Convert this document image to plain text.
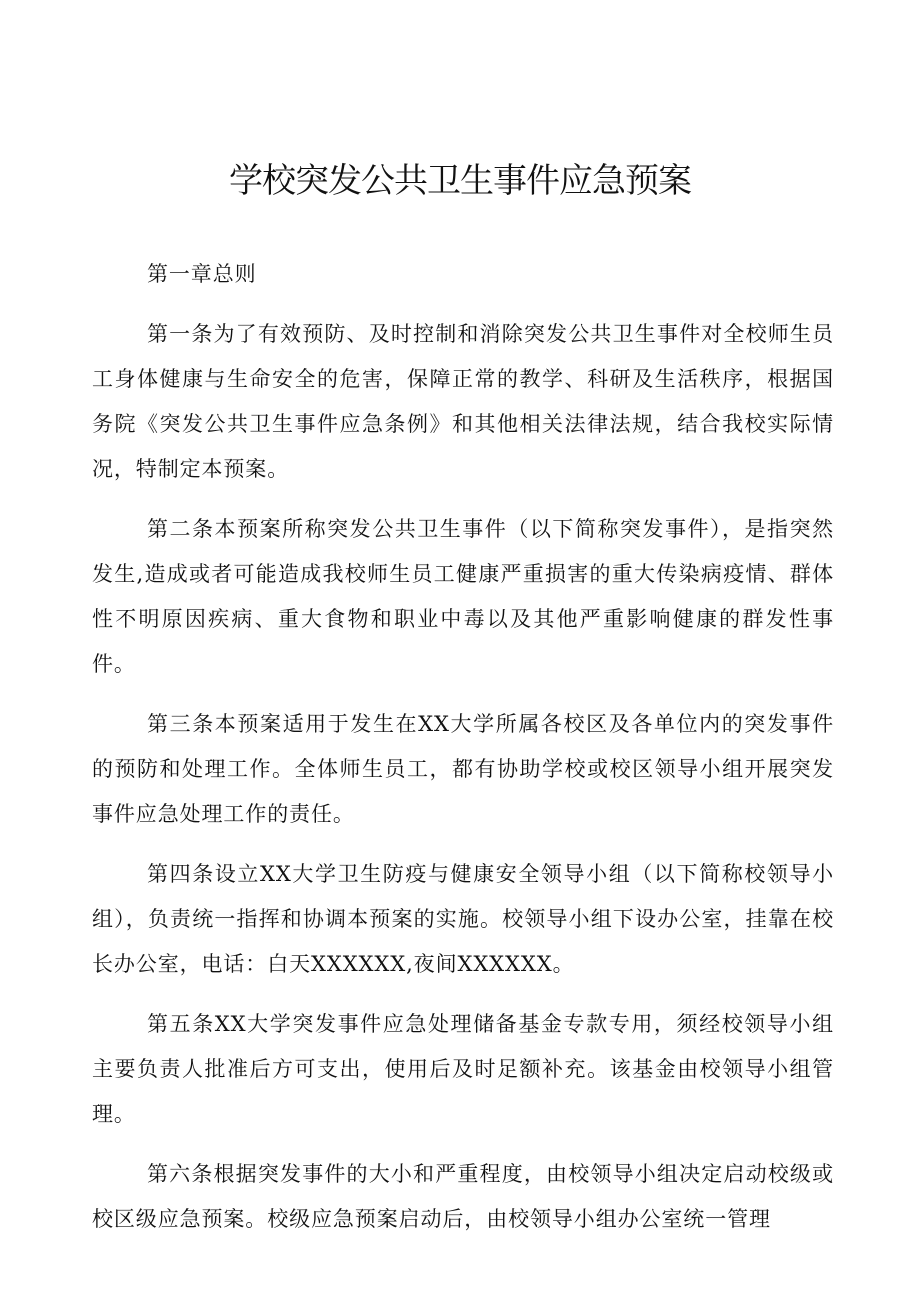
学校突发公共卫生事件应急预案

第一章总则

第一条为了有效预防、及时控制和消除突发公共卫生事件对全校师生员工身体健康与生命安全的危害，保障正常的教学、科研及生活秩序，根据国务院《突发公共卫生事件应急条例》和其他相关法律法规，结合我校实际情况，特制定本预案。

第二条本预案所称突发公共卫生事件（以下简称突发事件），是指突然发生,造成或者可能造成我校师生员工健康严重损害的重大传染病疫情、群体性不明原因疾病、重大食物和职业中毒以及其他严重影响健康的群发性事件。

第三条本预案适用于发生在XX大学所属各校区及各单位内的突发事件的预防和处理工作。全体师生员工，都有协助学校或校区领导小组开展突发事件应急处理工作的责任。

第四条设立XX大学卫生防疫与健康安全领导小组（以下简称校领导小组），负责统一指挥和协调本预案的实施。校领导小组下设办公室，挂靠在校长办公室，电话：白天XXXXXX,夜间XXXXXX。

第五条XX大学突发事件应急处理储备基金专款专用，须经校领导小组主要负责人批准后方可支出，使用后及时足额补充。该基金由校领导小组管理。

第六条根据突发事件的大小和严重程度，由校领导小组决定启动校级或校区级应急预案。校级应急预案启动后，由校领导小组办公室统一管理
